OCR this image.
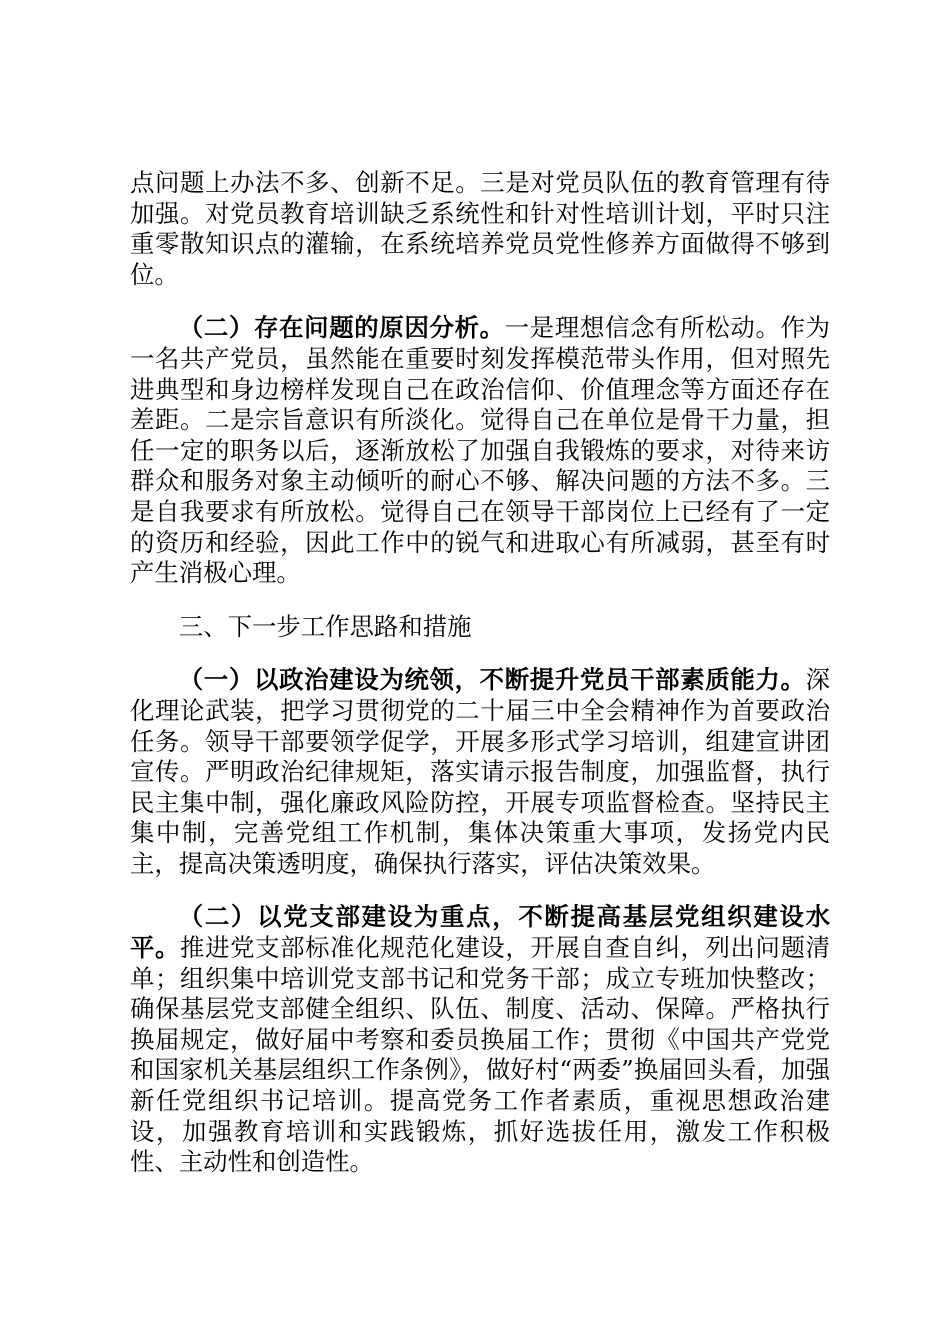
点问题上办法不多、创新不足。三是对党员队伍的教育管理有待加强。对党员教育培训缺乏系统性和针对性培训计划，平时只注重零散知识点的灌输，在系统培养党员党性修养方面做得不够到位。

（二）存在问题的原因分析。一是理想信念有所松动。作为一名共产党员，虽然能在重要时刻发挥模范带头作用，但对照先进典型和身边榜样发现自己在政治信仰、价值理念等方面还存在差距。二是宗旨意识有所淡化。觉得自己在单位是骨干力量，担任一定的职务以后，逐渐放松了加强自我锻炼的要求，对待来访群众和服务对象主动倾听的耐心不够、解决问题的方法不多。三是自我要求有所放松。觉得自己在领导干部岗位上已经有了一定的资历和经验，因此工作中的锐气和进取心有所减弱，甚至有时产生消极心理。

三、下一步工作思路和措施

（一）以政治建设为统领，不断提升党员干部素质能力。深化理论武装，把学习贯彻党的二十届三中全会精神作为首要政治任务。领导干部要领学促学，开展多形式学习培训，组建宣讲团宣传。严明政治纪律规矩，落实请示报告制度，加强监督，执行民主集中制，强化廉政风险防控，开展专项监督检查。坚持民主集中制，完善党组工作机制，集体决策重大事项，发扬党内民主，提高决策透明度，确保执行落实，评估决策效果。

（二）以党支部建设为重点，不断提高基层党组织建设水平。推进党支部标准化规范化建设，开展自查自纠，列出问题清单；组织集中培训党支部书记和党务干部；成立专班加快整改；确保基层党支部健全组织、队伍、制度、活动、保障。严格执行换届规定，做好届中考察和委员换届工作；贯彻《中国共产党党和国家机关基层组织工作条例》，做好村“两委”换届回头看，加强新任党组织书记培训。提高党务工作者素质，重视思想政治建设，加强教育培训和实践锻炼，抓好选拔任用，激发工作积极性、主动性和创造性。
